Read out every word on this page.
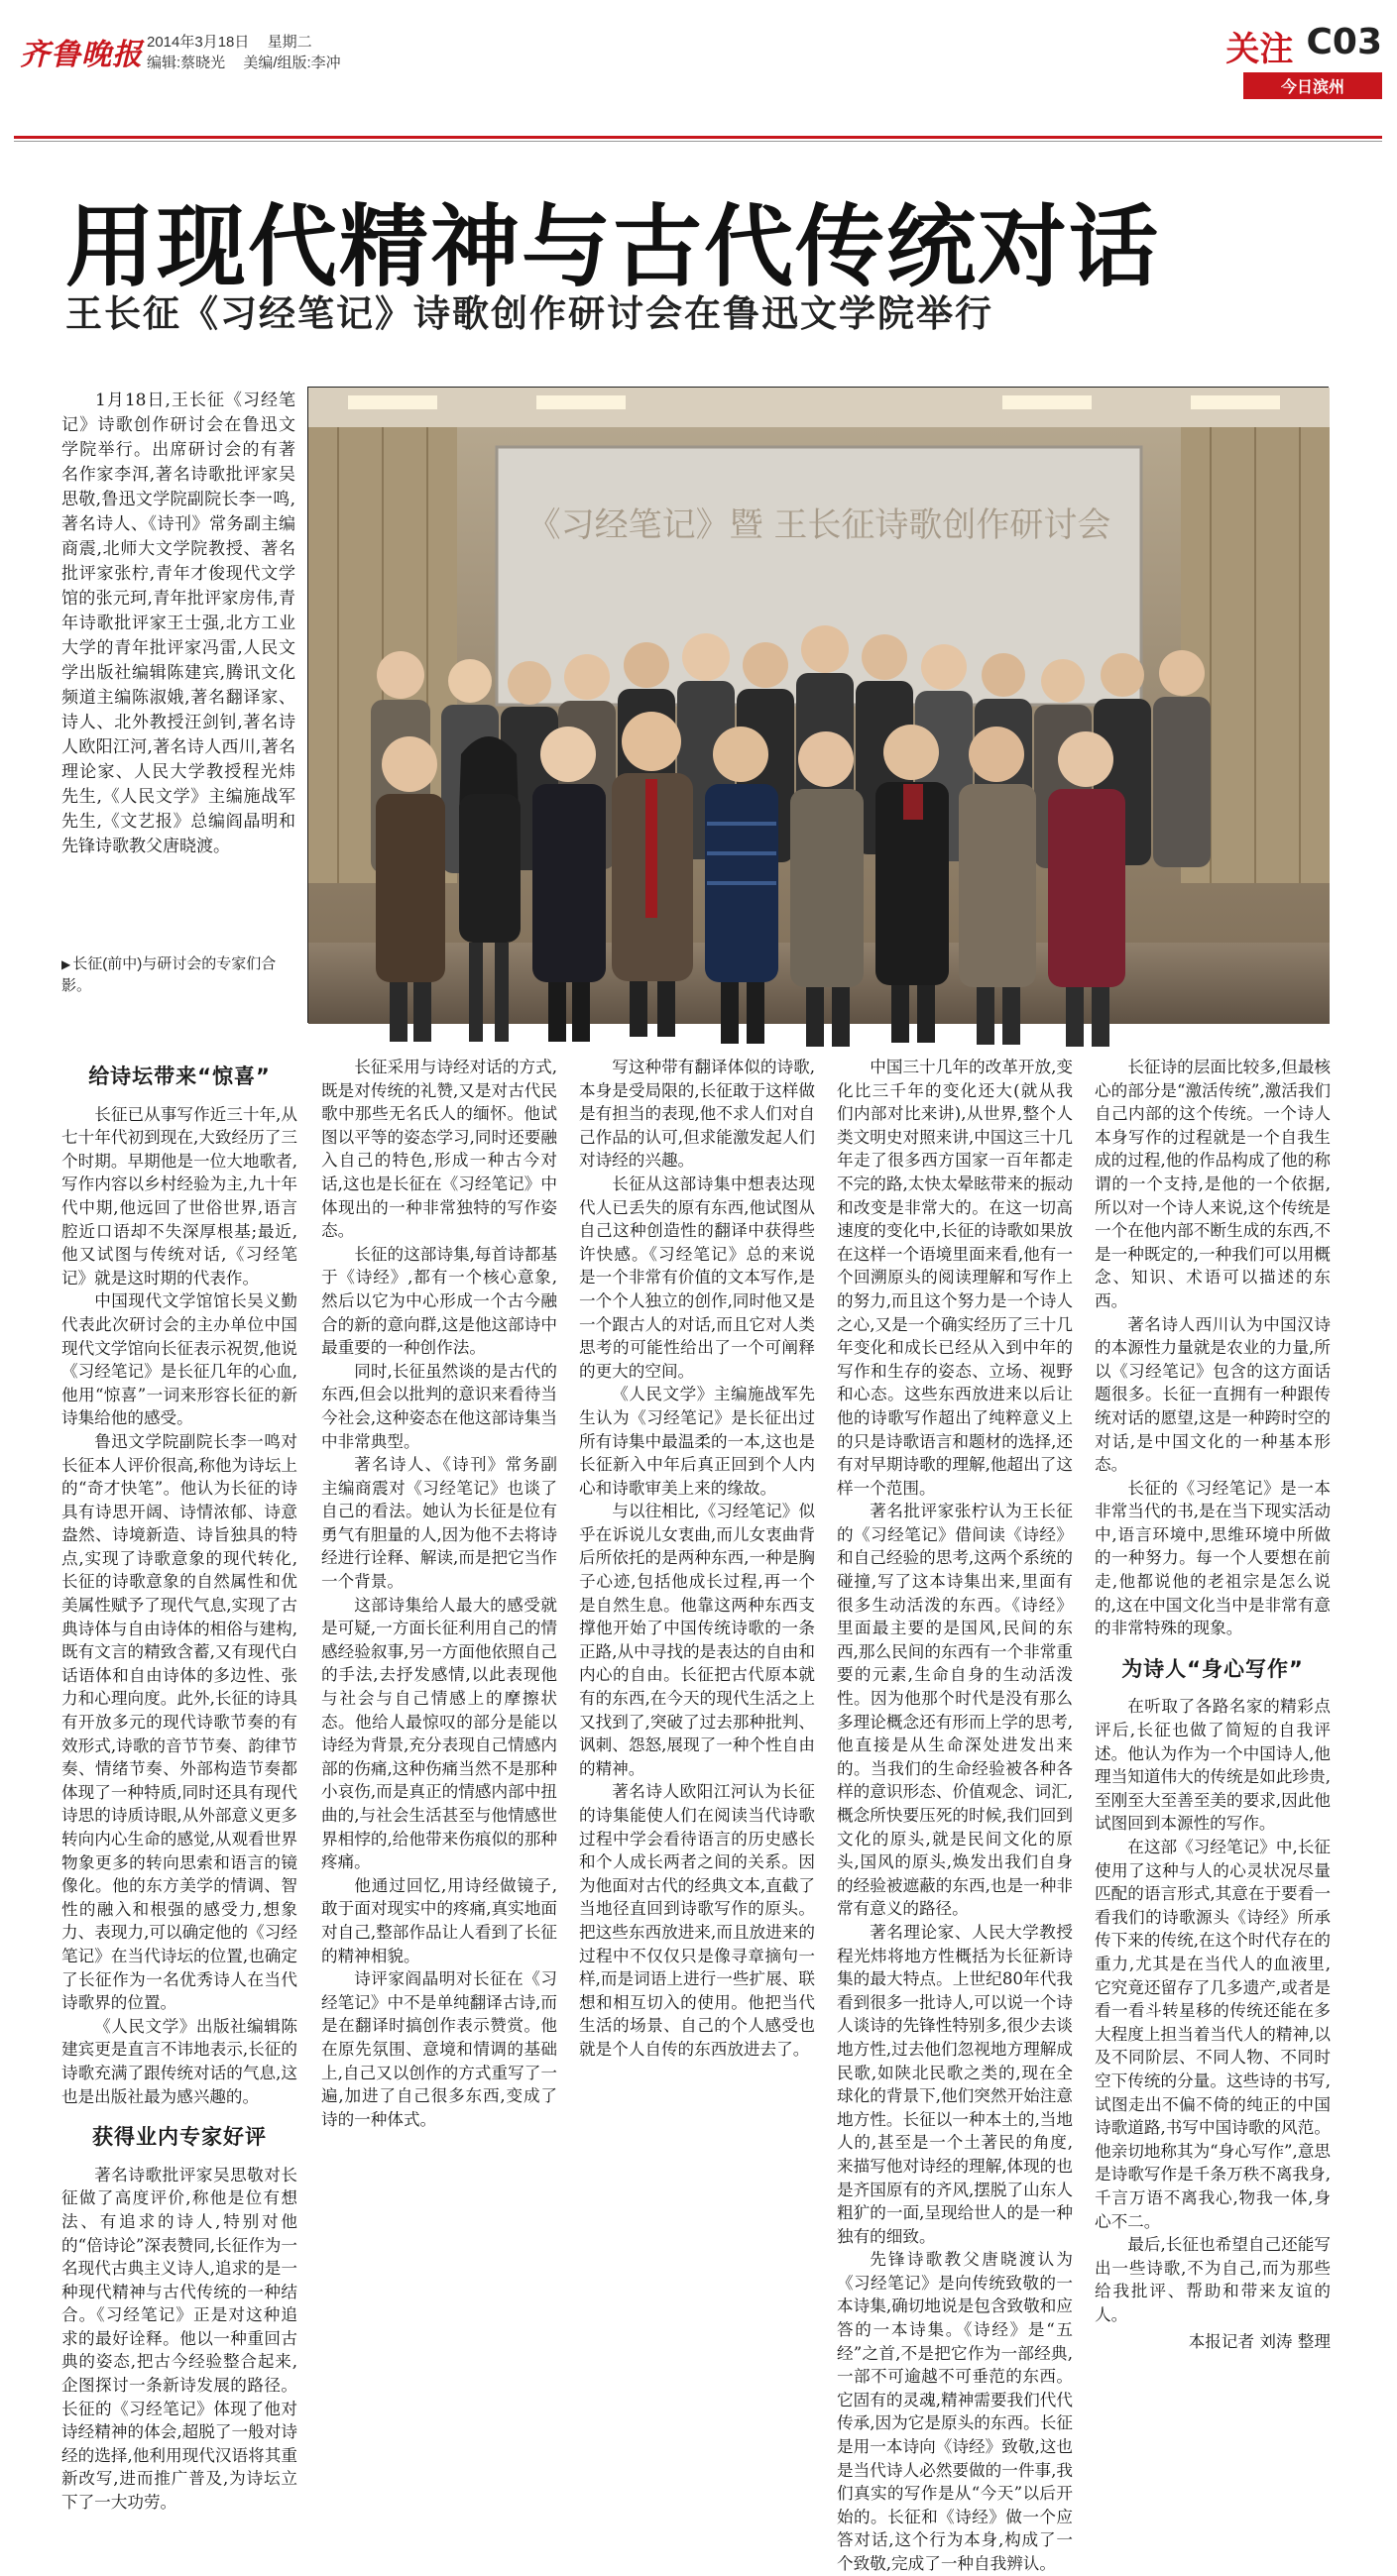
齐鲁晚报 2014年3月18日 星期二
编辑:蔡晓光 美编/组版:李冲	关注 C03
今日滨州
用现代精神与古代传统对话
王长征《习经笔记》诗歌创作研讨会在鲁迅文学院举行

1月18日,王长征《习经笔记》诗歌创作研讨会在鲁迅文学院举行。出席研讨会的有著名作家李洱,著名诗歌批评家吴思敬,鲁迅文学院副院长李一鸣,著名诗人、《诗刊》常务副主编商震,北师大文学院教授、著名批评家张柠,青年才俊现代文学馆的张元珂,青年批评家房伟,青年诗歌批评家王士强,北方工业大学的青年批评家冯雷,人民文学出版社编辑陈建宾,腾讯文化频道主编陈淑娥,著名翻译家、诗人、北外教授汪剑钊,著名诗人欧阳江河,著名诗人西川,著名理论家、人民大学教授程光炜先生,《人民文学》主编施战军先生,《文艺报》总编阎晶明和先锋诗歌教父唐晓渡。

▶ 长征(前中)与研讨会的专家们合影。
《习经笔记》暨 王长征诗歌创作研讨会
给诗坛带来“惊喜”

长征已从事写作近三十年,从七十年代初到现在,大致经历了三个时期。早期他是一位大地歌者,写作内容以乡村经验为主,九十年代中期,他远回了世俗世界,语言腔近口语却不失深厚根基;最近,他又试图与传统对话,《习经笔记》就是这时期的代表作。

中国现代文学馆馆长吴义勤代表此次研讨会的主办单位中国现代文学馆向长征表示祝贺,他说《习经笔记》是长征几年的心血,他用“惊喜”一词来形容长征的新诗集给他的感受。

鲁迅文学院副院长李一鸣对长征本人评价很高,称他为诗坛上的“奇才快笔”。他认为长征的诗具有诗思开阔、诗情浓郁、诗意盎然、诗境新造、诗旨独具的特点,实现了诗歌意象的现代转化,长征的诗歌意象的自然属性和优美属性赋予了现代气息,实现了古典诗体与自由诗体的相俗与建构,既有文言的精致含蓄,又有现代白话语体和自由诗体的多边性、张力和心理向度。此外,长征的诗具有开放多元的现代诗歌节奏的有效形式,诗歌的音节节奏、韵律节奏、情绪节奏、外部构造节奏都体现了一种特质,同时还具有现代诗思的诗质诗眼,从外部意义更多转向内心生命的感觉,从观看世界物象更多的转向思索和语言的镜像化。他的东方美学的情调、智性的融入和根强的感受力,想象力、表现力,可以确定他的《习经笔记》在当代诗坛的位置,也确定了长征作为一名优秀诗人在当代诗歌界的位置。

《人民文学》出版社编辑陈建宾更是直言不讳地表示,长征的诗歌充满了跟传统对话的气息,这也是出版社最为感兴趣的。

获得业内专家好评

著名诗歌批评家吴思敬对长征做了高度评价,称他是位有想法、有追求的诗人,特别对他的“倍诗论”深表赞同,长征作为一名现代古典主义诗人,追求的是一种现代精神与古代传统的一种结合。《习经笔记》正是对这种追求的最好诠释。他以一种重回古典的姿态,把古今经验整合起来,企图探讨一条新诗发展的路径。长征的《习经笔记》体现了他对诗经精神的体会,超脱了一般对诗经的选择,他利用现代汉语将其重新改写,进而推广普及,为诗坛立下了一大功劳。

长征采用与诗经对话的方式,既是对传统的礼赞,又是对古代民歌中那些无名氏人的缅怀。他试图以平等的姿态学习,同时还要融入自己的特色,形成一种古今对话,这也是长征在《习经笔记》中体现出的一种非常独特的写作姿态。

长征的这部诗集,每首诗都基于《诗经》,都有一个核心意象,然后以它为中心形成一个古今融合的新的意向群,这是他这部诗中最重要的一种创作法。

同时,长征虽然谈的是古代的东西,但会以批判的意识来看待当今社会,这种姿态在他这部诗集当中非常典型。

著名诗人、《诗刊》常务副主编商震对《习经笔记》也谈了自己的看法。她认为长征是位有勇气有胆量的人,因为他不去将诗经进行诠释、解读,而是把它当作一个背景。

这部诗集给人最大的感受就是可疑,一方面长征利用自己的情感经验叙事,另一方面他依照自己的手法,去抒发感情,以此表现他与社会与自己情感上的摩擦状态。他给人最惊叹的部分是能以诗经为背景,充分表现自己情感内部的伤痛,这种伤痛当然不是那种小哀伤,而是真正的情感内部中扭曲的,与社会生活甚至与他情感世界相悖的,给他带来伤痕似的那种疼痛。

他通过回忆,用诗经做镜子,敢于面对现实中的疼痛,真实地面对自己,整部作品让人看到了长征的精神相貌。

诗评家阎晶明对长征在《习经笔记》中不是单纯翻译古诗,而是在翻译时搞创作表示赞赏。他在原先氛围、意境和情调的基础上,自己又以创作的方式重写了一遍,加进了自己很多东西,变成了诗的一种体式。

写这种带有翻译体似的诗歌,本身是受局限的,长征敢于这样做是有担当的表现,他不求人们对自己作品的认可,但求能激发起人们对诗经的兴趣。

长征从这部诗集中想表达现代人已丢失的原有东西,他试图从自己这种创造性的翻译中获得些许快感。《习经笔记》总的来说是一个非常有价值的文本写作,是一个个人独立的创作,同时他又是一个跟古人的对话,而且它对人类思考的可能性给出了一个可阐释的更大的空间。

《人民文学》主编施战军先生认为《习经笔记》是长征出过所有诗集中最温柔的一本,这也是长征新入中年后真正回到个人内心和诗歌审美上来的缘故。

与以往相比,《习经笔记》似乎在诉说儿女衷曲,而儿女衷曲背后所依托的是两种东西,一种是胸子心迹,包括他成长过程,再一个是自然生息。他靠这两种东西支撑他开始了中国传统诗歌的一条正路,从中寻找的是表达的自由和内心的自由。长征把古代原本就有的东西,在今天的现代生活之上又找到了,突破了过去那种批判、讽刺、怨怒,展现了一种个性自由的精神。

著名诗人欧阳江河认为长征的诗集能使人们在阅读当代诗歌过程中学会看待语言的历史感长和个人成长两者之间的关系。因为他面对古代的经典文本,直截了当地径直回到诗歌写作的原头。把这些东西放进来,而且放进来的过程中不仅仅只是像寻章摘句一样,而是词语上进行一些扩展、联想和相互切入的使用。他把当代生活的场景、自己的个人感受也就是个人自传的东西放进去了。

中国三十几年的改革开放,变化比三千年的变化还大(就从我们内部对比来讲),从世界,整个人类文明史对照来讲,中国这三十几年走了很多西方国家一百年都走不完的路,太快太晕眩带来的振动和改变是非常大的。在这一切高速度的变化中,长征的诗歌如果放在这样一个语境里面来看,他有一个回溯原头的阅读理解和写作上的努力,而且这个努力是一个诗人之心,又是一个确实经历了三十几年变化和成长已经从入到中年的写作和生存的姿态、立场、视野和心态。这些东西放进来以后让他的诗歌写作超出了纯粹意义上的只是诗歌语言和题材的选择,还有对早期诗歌的理解,他超出了这样一个范围。

著名批评家张柠认为王长征的《习经笔记》借间读《诗经》和自己经验的思考,这两个系统的碰撞,写了这本诗集出来,里面有很多生动活泼的东西。《诗经》里面最主要的是国风,民间的东西,那么民间的东西有一个非常重要的元素,生命自身的生动活泼性。因为他那个时代是没有那么多理论概念还有形而上学的思考,他直接是从生命深处进发出来的。当我们的生命经验被各种各样的意识形态、价值观念、词汇,概念所快要压死的时候,我们回到文化的原头,就是民间文化的原头,国风的原头,焕发出我们自身的经验被遮蔽的东西,也是一种非常有意义的路径。

著名理论家、人民大学教授程光炜将地方性概括为长征新诗集的最大特点。上世纪80年代我看到很多一批诗人,可以说一个诗人谈诗的先锋性特别多,很少去谈地方性,过去他们忽视地方理解成民歌,如陕北民歌之类的,现在全球化的背景下,他们突然开始注意地方性。长征以一种本土的,当地人的,甚至是一个土著民的角度,来描写他对诗经的理解,体现的也是齐国原有的齐风,摆脱了山东人粗犷的一面,呈现给世人的是一种独有的细致。

先锋诗歌教父唐晓渡认为《习经笔记》是向传统致敬的一本诗集,确切地说是包含致敬和应答的一本诗集。《诗经》是“五经”之首,不是把它作为一部经典,一部不可逾越不可垂范的东西。它固有的灵魂,精神需要我们代代传承,因为它是原头的东西。长征是用一本诗向《诗经》致敬,这也是当代诗人必然要做的一件事,我们真实的写作是从“今天”以后开始的。长征和《诗经》做一个应答对话,这个行为本身,构成了一个致敬,完成了一种自我辨认。

长征诗的层面比较多,但最核心的部分是“激活传统”,激活我们自己内部的这个传统。一个诗人本身写作的过程就是一个自我生成的过程,他的作品构成了他的称谓的一个支持,是他的一个依据,所以对一个诗人来说,这个传统是一个在他内部不断生成的东西,不是一种既定的,一种我们可以用概念、知识、术语可以描述的东西。

著名诗人西川认为中国汉诗的本源性力量就是农业的力量,所以《习经笔记》包含的这方面话题很多。长征一直拥有一种跟传统对话的愿望,这是一种跨时空的对话,是中国文化的一种基本形态。

长征的《习经笔记》是一本非常当代的书,是在当下现实活动中,语言环境中,思维环境中所做的一种努力。每一个人要想在前走,他都说他的老祖宗是怎么说的,这在中国文化当中是非常有意的非常特殊的现象。

为诗人“身心写作”

在听取了各路名家的精彩点评后,长征也做了简短的自我评述。他认为作为一个中国诗人,他理当知道伟大的传统是如此珍贵,至刚至大至善至美的要求,因此他试图回到本源性的写作。

在这部《习经笔记》中,长征使用了这种与人的心灵状况尽量匹配的语言形式,其意在于要看一看我们的诗歌源头《诗经》所承传下来的传统,在这个时代存在的重力,尤其是在当代人的血液里,它究竟还留存了几多遗产,或者是看一看斗转星移的传统还能在多大程度上担当着当代人的精神,以及不同阶层、不同人物、不同时空下传统的分量。这些诗的书写,试图走出不偏不倚的纯正的中国诗歌道路,书写中国诗歌的风范。他亲切地称其为“身心写作”,意思是诗歌写作是千条万秩不离我身,千言万语不离我心,物我一体,身心不二。

最后,长征也希望自己还能写出一些诗歌,不为自己,而为那些给我批评、帮助和带来友谊的人。

本报记者 刘涛 整理
